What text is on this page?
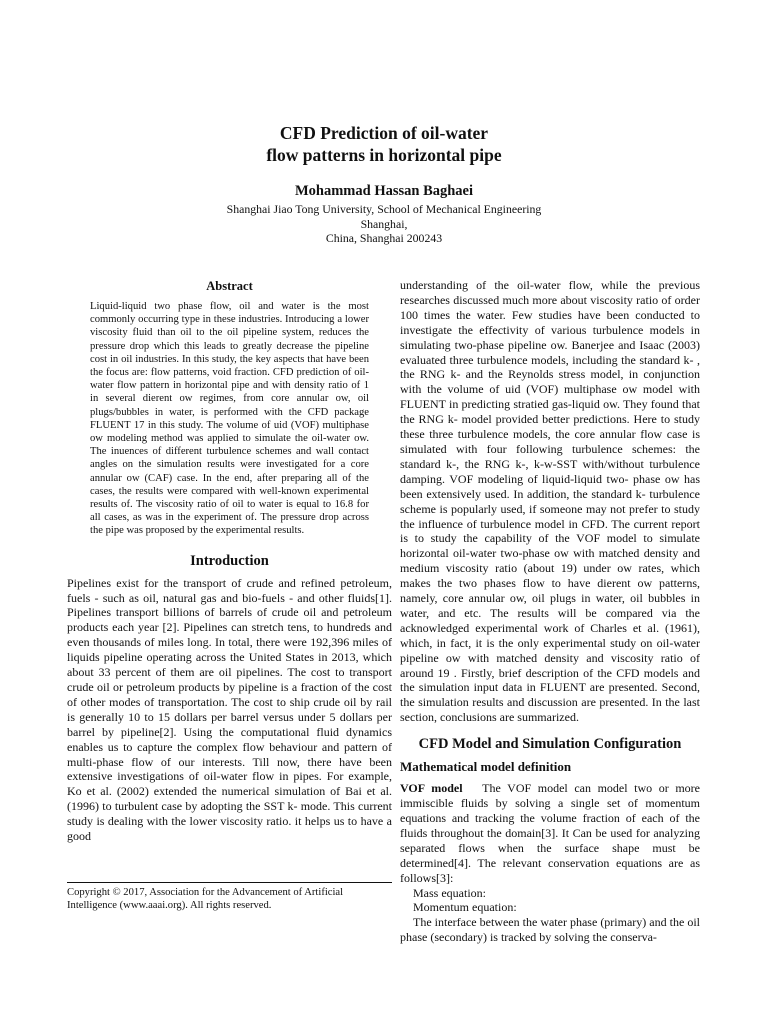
CFD Prediction of oil-water
flow patterns in horizontal pipe
Mohammad Hassan Baghaei
Shanghai Jiao Tong University, School of Mechanical Engineering
Shanghai,
China, Shanghai 200243
Abstract

Liquid-liquid two phase flow, oil and water is the most commonly occurring type in these industries. Introducing a lower viscosity fluid than oil to the oil pipeline system, reduces the pressure drop which this leads to greatly decrease the pipeline cost in oil industries. In this study, the key aspects that have been the focus are: flow patterns, void fraction. CFD prediction of oil-water flow pattern in horizontal pipe and with density ratio of 1 in several dierent ow regimes, from core annular ow, oil plugs/bubbles in water, is performed with the CFD package FLUENT 17 in this study. The volume of uid (VOF) multiphase ow modeling method was applied to simulate the oil-water ow. The inuences of different turbulence schemes and wall contact angles on the simulation results were investigated for a core annular ow (CAF) case. In the end, after preparing all of the cases, the results were compared with well-known experimental results of. The viscosity ratio of oil to water is equal to 16.8 for all cases, as was in the experiment of. The pressure drop across the pipe was proposed by the experimental results.

Introduction

Pipelines exist for the transport of crude and refined petroleum, fuels - such as oil, natural gas and bio-fuels - and other fluids[1]. Pipelines transport billions of barrels of crude oil and petroleum products each year [2]. Pipelines can stretch tens, to hundreds and even thousands of miles long. In total, there were 192,396 miles of liquids pipeline operating across the United States in 2013, which about 33 percent of them are oil pipelines. The cost to transport crude oil or petroleum products by pipeline is a fraction of the cost of other modes of transportation. The cost to ship crude oil by rail is generally 10 to 15 dollars per barrel versus under 5 dollars per barrel by pipeline[2]. Using the computational fluid dynamics enables us to capture the complex flow behaviour and pattern of multi-phase flow of our interests. Till now, there have been extensive investigations of oil-water flow in pipes. For example, Ko et al. (2002) extended the numerical simulation of Bai et al. (1996) to turbulent case by adopting the SST k- mode. This current study is dealing with the lower viscosity ratio. it helps us to have a good

understanding of the oil-water flow, while the previous researches discussed much more about viscosity ratio of order 100 times the water. Few studies have been conducted to investigate the effectivity of various turbulence models in simulating two-phase pipeline ow. Banerjee and Isaac (2003) evaluated three turbulence models, including the standard k- , the RNG k- and the Reynolds stress model, in conjunction with the volume of uid (VOF) multiphase ow model with FLUENT in predicting stratied gas-liquid ow. They found that the RNG k- model provided better predictions. Here to study these three turbulence models, the core annular flow case is simulated with four following turbulence schemes: the standard k-, the RNG k-, k-w-SST with/without turbulence damping. VOF modeling of liquid-liquid two- phase ow has been extensively used. In addition, the standard k- turbulence scheme is popularly used, if someone may not prefer to study the influence of turbulence model in CFD. The current report is to study the capability of the VOF model to simulate horizontal oil-water two-phase ow with matched density and medium viscosity ratio (about 19) under ow rates, which makes the two phases flow to have dierent ow patterns, namely, core annular ow, oil plugs in water, oil bubbles in water, and etc. The results will be compared via the acknowledged experimental work of Charles et al. (1961), which, in fact, it is the only experimental study on oil-water pipeline ow with matched density and viscosity ratio of around 19 . Firstly, brief description of the CFD models and the simulation input data in FLUENT are presented. Second, the simulation results and discussion are presented. In the last section, conclusions are summarized.

CFD Model and Simulation Configuration
Mathematical model definition

VOF model The VOF model can model two or more immiscible fluids by solving a single set of momentum equations and tracking the volume fraction of each of the fluids throughout the domain[3]. It Can be used for analyzing separated flows when the surface shape must be determined[4]. The relevant conservation equations are as follows[3]:

Mass equation:

Momentum equation:

The interface between the water phase (primary) and the oil phase (secondary) is tracked by solving the conserva-

Copyright © 2017, Association for the Advancement of Artificial
Intelligence (www.aaai.org). All rights reserved.
